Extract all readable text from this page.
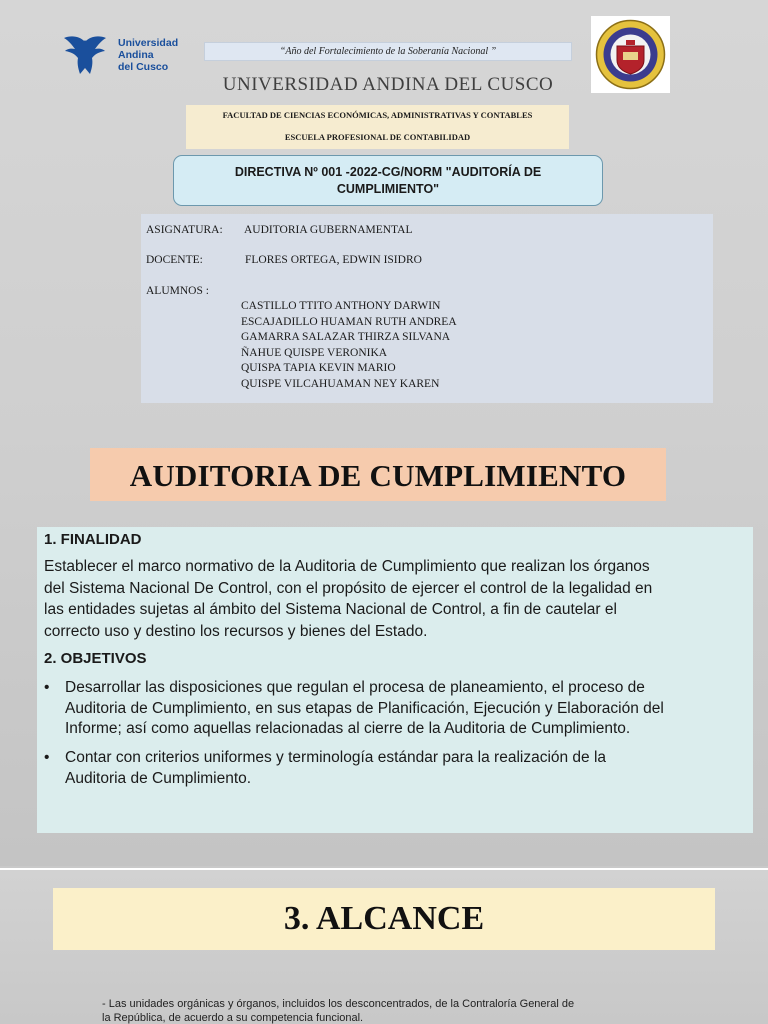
Universidad
Andina
del Cusco
“Año del Fortalecimiento de la Soberanía Nacional ”
UNIVERSIDAD ANDINA DEL CUSCO
FACULTAD DE CIENCIAS ECONÓMICAS, ADMINISTRATIVAS Y CONTABLES
ESCUELA PROFESIONAL DE CONTABILIDAD
DIRECTIVA Nº 001 -2022-CG/NORM "AUDITORÍA DE
CUMPLIMIENTO"
ASIGNATURA: AUDITORIA GUBERNAMENTAL
DOCENTE:	FLORES ORTEGA, EDWIN ISIDRO
ALUMNOS :
CASTILLO TTITO ANTHONY DARWIN
ESCAJADILLO HUAMAN RUTH ANDREA
GAMARRA SALAZAR THIRZA SILVANA
ÑAHUE QUISPE VERONIKA
QUISPA TAPIA KEVIN MARIO
QUISPE VILCAHUAMAN NEY KAREN
AUDITORIA DE CUMPLIMIENTO
1. FINALIDAD
Establecer el marco normativo de la Auditoria de Cumplimiento que realizan los órganos
del Sistema Nacional De Control, con el propósito de ejercer el control de la legalidad en
las entidades sujetas al ámbito del Sistema Nacional de Control, a fin de cautelar el
correcto uso y destino los recursos y bienes del Estado.
2. OBJETIVOS
• Desarrollar las disposiciones que regulan el procesa de planeamiento, el proceso de
Auditoria de Cumplimiento, en sus etapas de Planificación, Ejecución y Elaboración del
Informe; así como aquellas relacionadas al cierre de la Auditoria de Cumplimiento.
• Contar con criterios uniformes y terminología estándar para la realización de la
Auditoria de Cumplimiento.
3. ALCANCE
- Las unidades orgánicas y órganos, incluidos los desconcentrados, de la Contraloría General de
la República, de acuerdo a su competencia funcional.
